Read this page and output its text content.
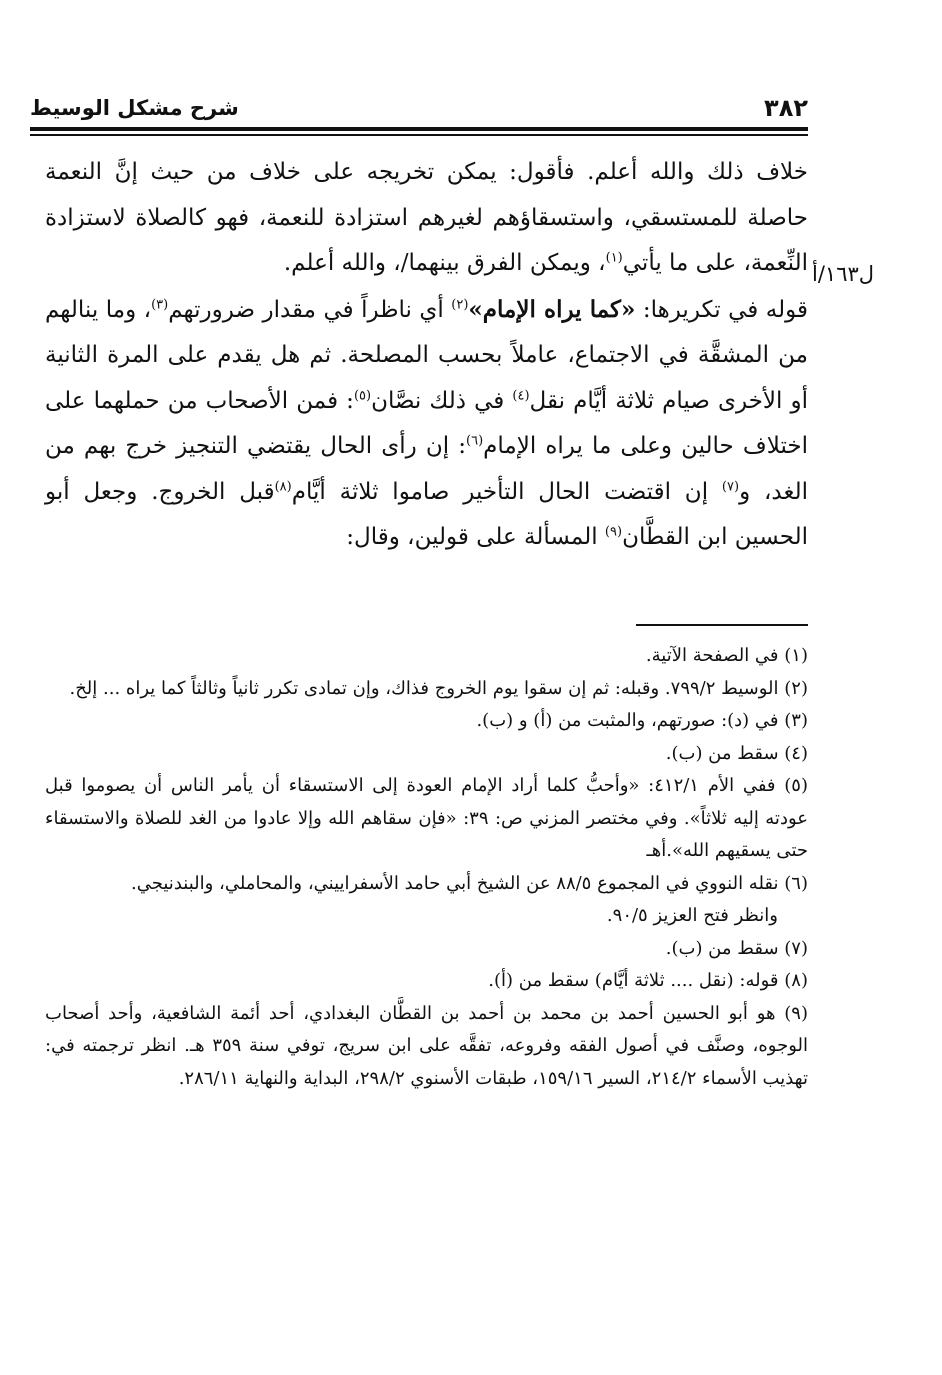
٣٨٢
شرح مشكل الوسيط
ل١٦٣/أ

خلاف ذلك والله أعلم. فأقول: يمكن تخريجه على خلاف من حيث إنَّ النعمة حاصلة للمستسقي، واستسقاؤهم لغيرهم استزادة للنعمة، فهو كالصلاة لاستزادة النِّعمة، على ما يأتي$^{(١)}$، ويمكن الفرق بينهما/، والله أعلم.

قوله في تكريرها: «كما يراه الإمام»$^{(٢)}$ أي ناظراً في مقدار ضرورتهم$^{(٣)}$، وما ينالهم من المشقَّة في الاجتماع، عاملاً بحسب المصلحة. ثم هل يقدم على المرة الثانية أو الأخرى صيام ثلاثة أيَّام نقل$^{(٤)}$ في ذلك نصَّان$^{(٥)}$: فمن الأصحاب من حملهما على اختلاف حالين وعلى ما يراه الإمام$^{(٦)}$: إن رأى الحال يقتضي التنجيز خرج بهم من الغد، و$^{(٧)}$ إن اقتضت الحال التأخير صاموا ثلاثة أيَّام$^{(٨)}$قبل الخروج. وجعل أبو الحسين ابن القطَّان$^{(٩)}$ المسألة على قولين، وقال:

(١) في الصفحة الآتية.

(٢) الوسيط ٧٩٩/٢. وقبله: ثم إن سقوا يوم الخروج فذاك، وإن تمادى تكرر ثانياً وثالثاً كما يراه ... إلخ.

(٣) في (د): صورتهم، والمثبت من (أ) و (ب).

(٤) سقط من (ب).

(٥) ففي الأم ٤١٢/١: «وأحبُّ كلما أراد الإمام العودة إلى الاستسقاء أن يأمر الناس أن يصوموا قبل عودته إليه ثلاثاً». وفي مختصر المزني ص: ٣٩: «فإن سقاهم الله وإلا عادوا من الغد للصلاة والاستسقاء حتى يسقيهم الله».أهـ

(٦) نقله النووي في المجموع ٨٨/٥ عن الشيخ أبي حامد الأسفراييني، والمحاملي، والبندنيجي.
وانظر فتح العزيز ٩٠/٥.

(٧) سقط من (ب).

(٨) قوله: (نقل .... ثلاثة أيَّام) سقط من (أ).

(٩) هو أبو الحسين أحمد بن محمد بن أحمد بن القطَّان البغدادي، أحد أئمة الشافعية، وأحد أصحاب الوجوه، وصنَّف في أصول الفقه وفروعه، تفقَّه على ابن سريج، توفي سنة ٣٥٩ هـ. انظر ترجمته في: تهذيب الأسماء ٢١٤/٢، السير ١٥٩/١٦، طبقات الأسنوي ٢٩٨/٢، البداية والنهاية ٢٨٦/١١.
